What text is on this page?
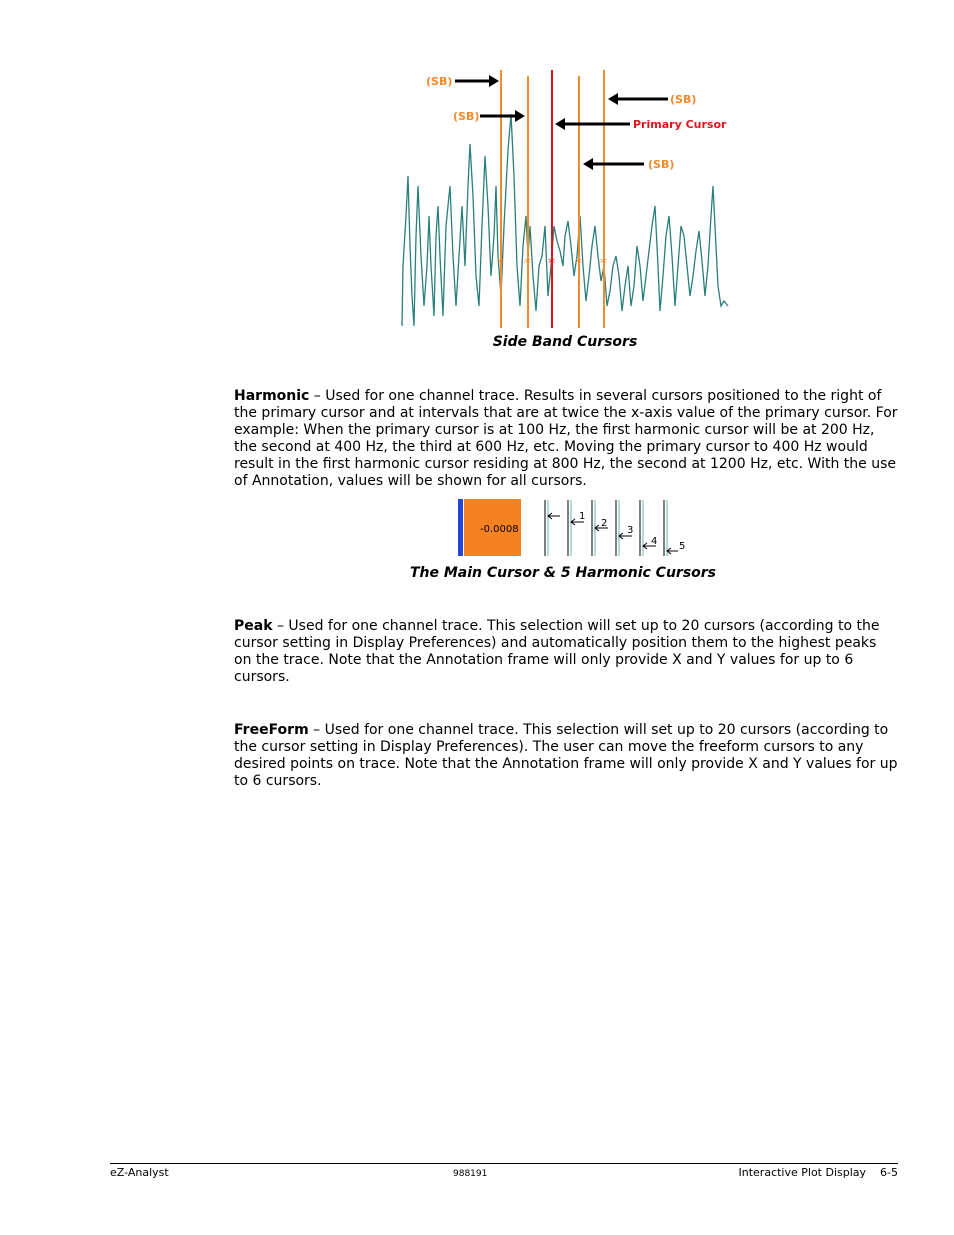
* * * * *
(SB)
(SB)
(SB)
Primary Cursor
(SB)
Side Band Cursors
Harmonic – Used for one channel trace. Results in several cursors positioned to the right of the primary cursor and at intervals that are at twice the x-axis value of the primary cursor. For example: When the primary cursor is at 100 Hz, the first harmonic cursor will be at 200 Hz, the second at 400 Hz, the third at 600 Hz, etc. Moving the primary cursor to 400 Hz would result in the first harmonic cursor residing at 800 Hz, the second at 1200 Hz, etc. With the use of Annotation, values will be shown for all cursors.
-0.0008
1
2
3
4 5
The Main Cursor & 5 Harmonic Cursors
Peak – Used for one channel trace. This selection will set up to 20 cursors (according to the cursor setting in Display Preferences) and automatically position them to the highest peaks on the trace. Note that the Annotation frame will only provide X and Y values for up to 6 cursors.
FreeForm – Used for one channel trace. This selection will set up to 20 cursors (according to the cursor setting in Display Preferences). The user can move the freeform cursors to any desired points on trace. Note that the Annotation frame will only provide X and Y values for up to 6 cursors.
eZ-Analyst	988191	Interactive Plot Display    6-5
